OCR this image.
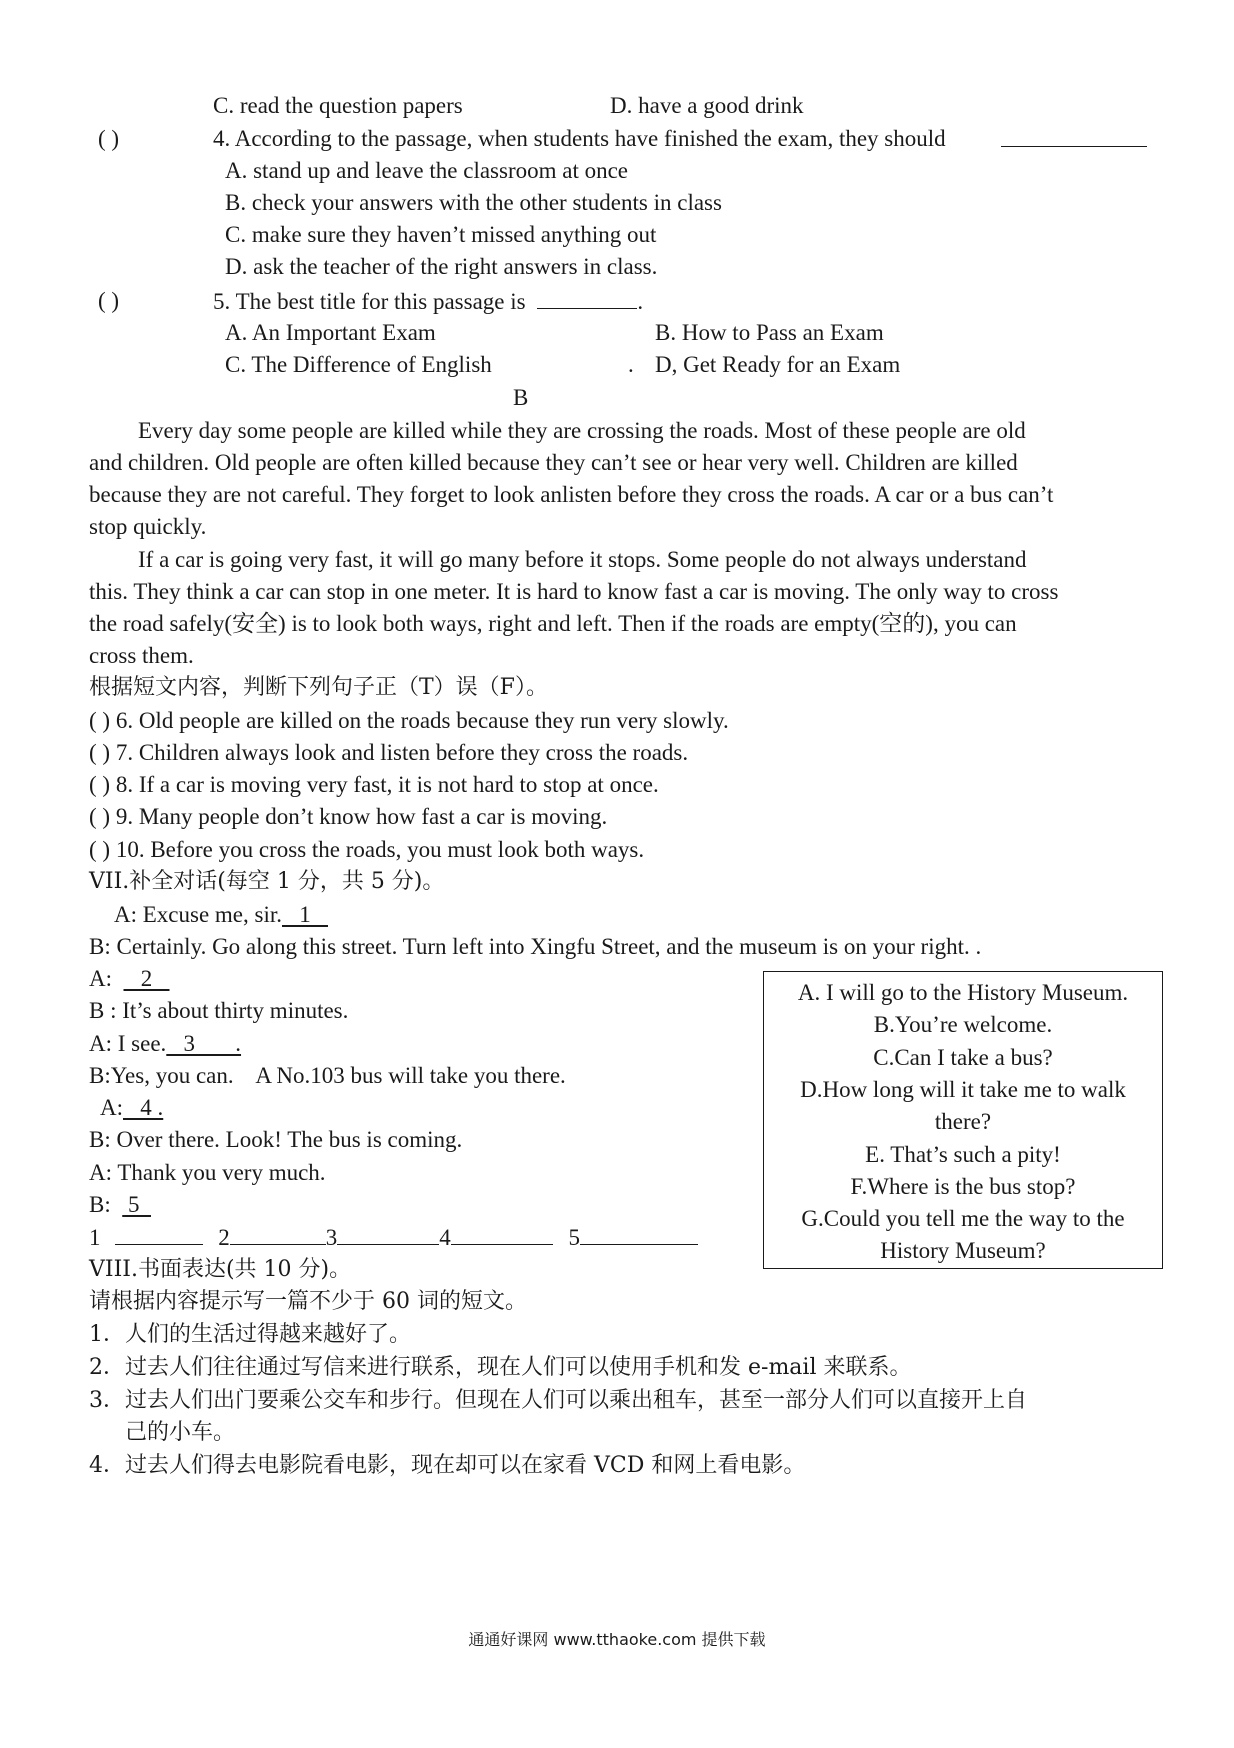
C. read the question papers	D. have a good drink
( )	4. According to the passage, when students have finished the exam, they should
A. stand up and leave the classroom at once
B. check your answers with the other students in class
C. make sure they haven’t missed anything out
D. ask the teacher of the right answers in class.
( )	5. The best title for this passage is	.
A. An Important Exam	B. How to Pass an Exam
C. The Difference of English	. D, Get Ready for an Exam
B
Every day some people are killed while they are crossing the roads. Most of these people are old
and children. Old people are often killed because they can’t see or hear very well. Children are killed
because they are not careful. They forget to look anlisten before they cross the roads. A car or a bus can’t
stop quickly.
If a car is going very fast, it will go many before it stops. Some people do not always understand
this. They think a car can stop in one meter. It is hard to know fast a car is moving. The only way to cross
the road safely(安全) is to look both ways, right and left. Then if the roads are empty(空的), you can
cross them.
根据短文内容，判断下列句子正（T）误（F）。
( ) 6. Old people are killed on the roads because they run very slowly.
( ) 7. Children always look and listen before they cross the roads.
( ) 8. If a car is moving very fast, it is not hard to stop at once.
( ) 9. Many people don’t know how fast a car is moving.
( ) 10. Before you cross the roads, you must look both ways.
VII.补全对话(每空 1 分，共 5 分)。
A: Excuse me, sir.   1
B: Certainly. Go along this street. Turn left into Xingfu Street, and the museum is on your right. .
A:     2
B : It’s about thirty minutes.
A: I see.   3       .
B:Yes, you can.    A No.103 bus will take you there.
A:   4 .
B: Over there. Look! The bus is coming.
A: Thank you very much.
B:   5
1	2	3	4	5
A. I will go to the History Museum.
B.You’re welcome.
C.Can I take a bus?
D.How long will it take me to walk
there?
E. That’s such a pity!
F.Where is the bus stop?
G.Could you tell me the way to the
History Museum?
VIII.书面表达(共 10 分)。
请根据内容提示写一篇不少于 60 词的短文。
1．人们的生活过得越来越好了。
2．过去人们往往通过写信来进行联系，现在人们可以使用手机和发 e-mail 来联系。
3．过去人们出门要乘公交车和步行。但现在人们可以乘出租车，甚至一部分人们可以直接开上自
己的小车。
4．过去人们得去电影院看电影，现在却可以在家看 VCD 和网上看电影。
通通好课网 www.tthaoke.com 提供下载
